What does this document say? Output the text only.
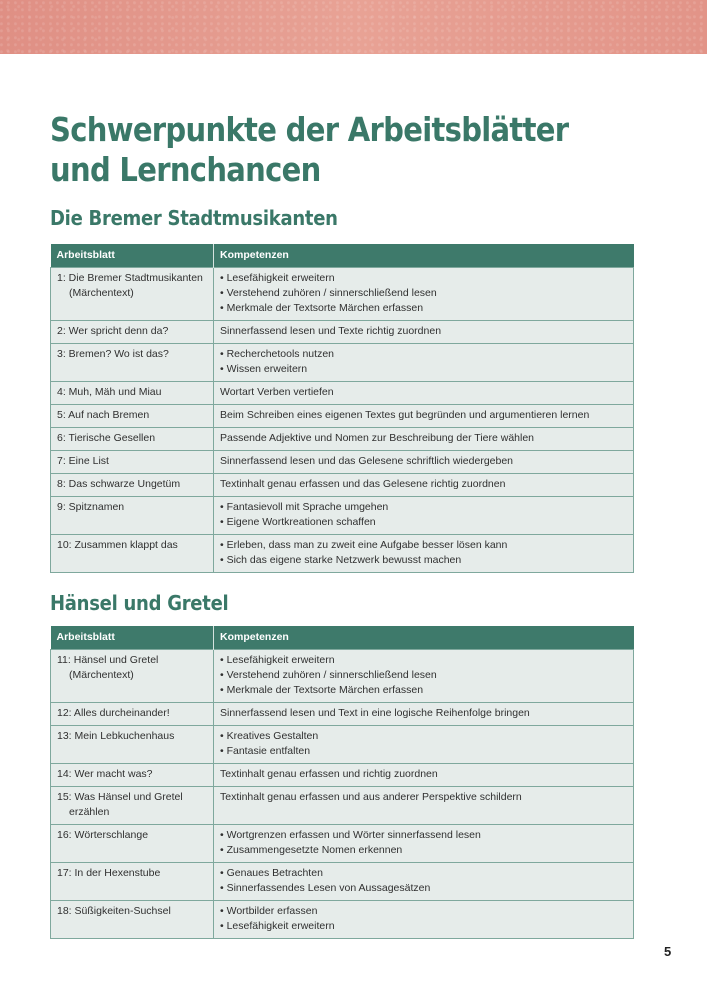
Schwerpunkte der Arbeitsblätter
und Lernchancen
Die Bremer Stadtmusikanten
Arbeitsblatt	Kompetenzen

1: Die Bremer Stadtmusikanten
(Märchentext)	• Lesefähigkeit erweitern
• Verstehend zuhören / sinnerschließend lesen
• Merkmale der Textsorte Märchen erfassen

2: Wer spricht denn da?	Sinnerfassend lesen und Texte richtig zuordnen

3: Bremen? Wo ist das?	• Recherchetools nutzen
• Wissen erweitern

4: Muh, Mäh und Miau	Wortart Verben vertiefen

5: Auf nach Bremen	Beim Schreiben eines eigenen Textes gut begründen und argumentieren lernen

6: Tierische Gesellen	Passende Adjektive und Nomen zur Beschreibung der Tiere wählen

7: Eine List	Sinnerfassend lesen und das Gelesene schriftlich wiedergeben

8: Das schwarze Ungetüm	Textinhalt genau erfassen und das Gelesene richtig zuordnen

9: Spitznamen	• Fantasievoll mit Sprache umgehen
• Eigene Wortkreationen schaffen

10: Zusammen klappt das	• Erleben, dass man zu zweit eine Aufgabe besser lösen kann
• Sich das eigene starke Netzwerk bewusst machen
Hänsel und Gretel
Arbeitsblatt	Kompetenzen

11: Hänsel und Gretel
(Märchentext)	• Lesefähigkeit erweitern
• Verstehend zuhören / sinnerschließend lesen
• Merkmale der Textsorte Märchen erfassen

12: Alles durcheinander!	Sinnerfassend lesen und Text in eine logische Reihenfolge bringen

13: Mein Lebkuchenhaus	• Kreatives Gestalten
• Fantasie entfalten

14: Wer macht was?	Textinhalt genau erfassen und richtig zuordnen

15: Was Hänsel und Gretel
erzählen	Textinhalt genau erfassen und aus anderer Perspektive schildern

16: Wörterschlange	• Wortgrenzen erfassen und Wörter sinnerfassend lesen
• Zusammengesetzte Nomen erkennen

17: In der Hexenstube	• Genaues Betrachten
• Sinnerfassendes Lesen von Aussagesätzen

18: Süßigkeiten-Suchsel	• Wortbilder erfassen
• Lesefähigkeit erweitern
5
